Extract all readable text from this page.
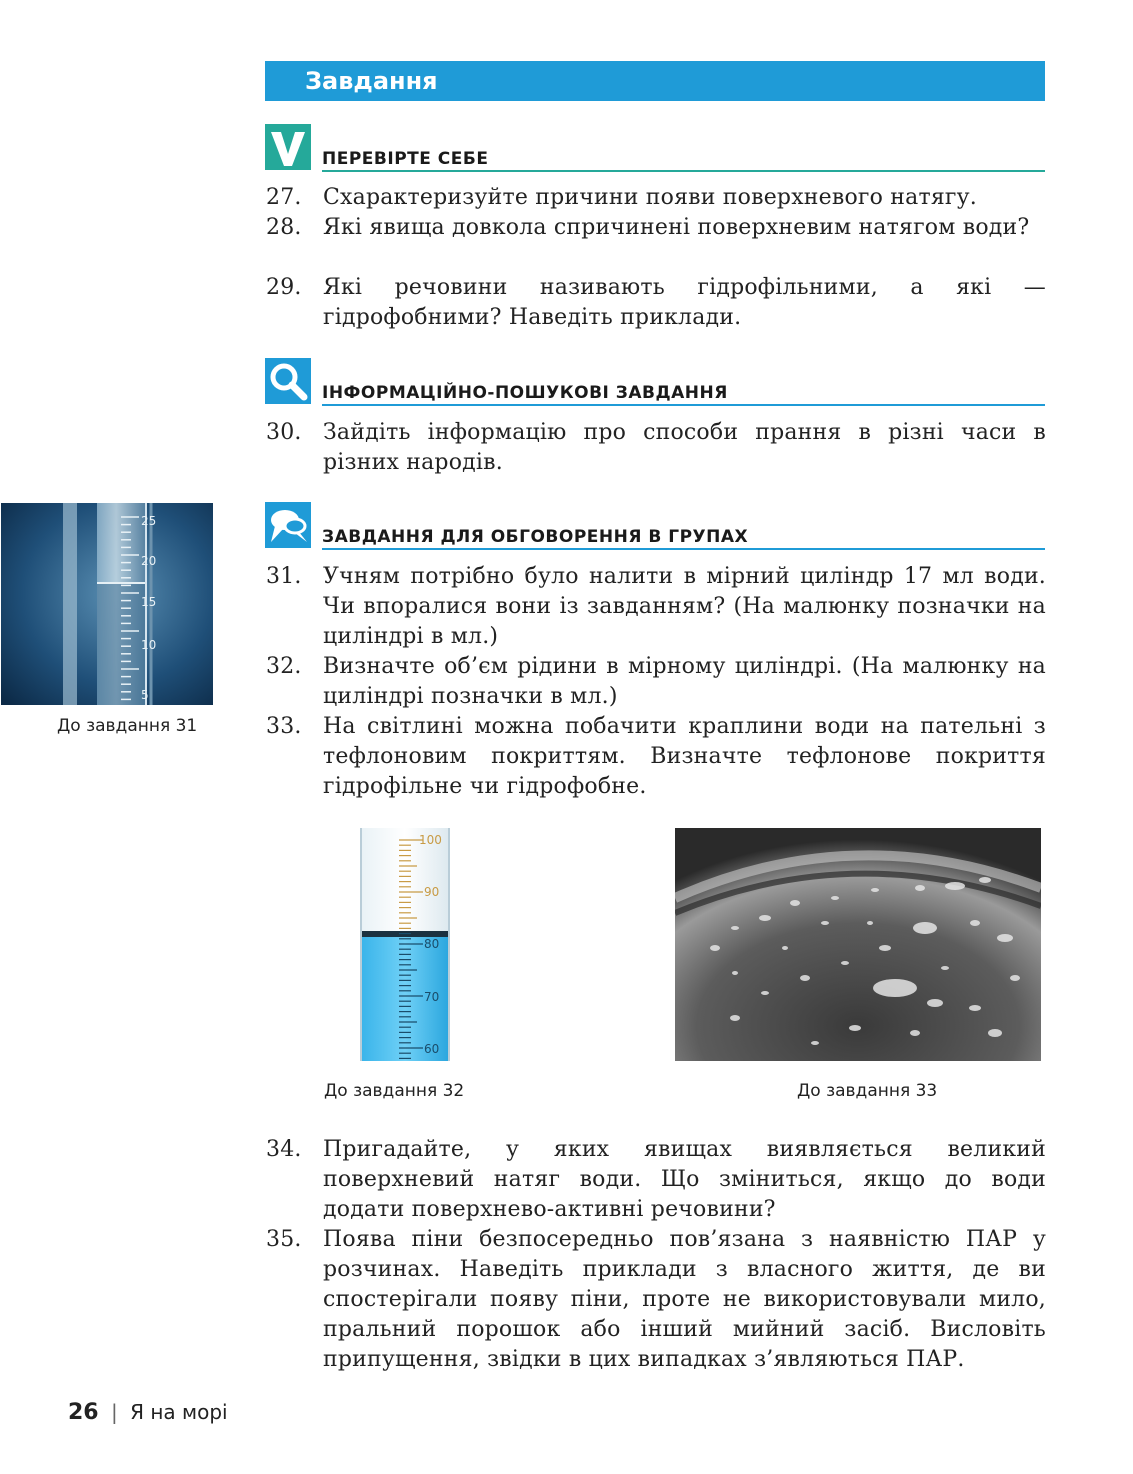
Завдання
ПЕРЕВІРТЕ СЕБЕ
27. Схарактеризуйте причини появи поверхневого натягу.
28. Які явища довкола спричинені поверхневим натягом води?
29. Які речовини називають гідрофільними, а які — гідрофобними? Наведіть приклади.
ІНФОРМАЦІЙНО-ПОШУКОВІ ЗАВДАННЯ
30. Зайдіть інформацію про способи прання в різні часи в різних народів.
ЗАВДАННЯ ДЛЯ ОБГОВОРЕННЯ В ГРУПАХ
31. Учням потрібно було налити в мірний циліндр 17 мл води. Чи впоралися вони із завданням? (На малюнку позначки на циліндрі в мл.)
32. Визначте об’єм рідини в мірному циліндрі. (На малюнку на циліндрі позначки в мл.)
33. На світлині можна побачити краплини води на пательні з тефлоновим покриттям. Визначте тефлонове покриття гідрофільне чи гідрофобне.
25
20
15
10
5
До завдання 31
100
90
80
70
60
До завдання 32	До завдання 33
34. Пригадайте, у яких явищах виявляється великий поверхневий натяг води. Що зміниться, якщо до води додати поверхнево-активні речовини?
35. Поява піни безпосередньо пов’язана з наявністю ПАР у розчинах. Наведіть приклади з власного життя, де ви спостерігали появу піни, проте не використовували мило, пральний порошок або інший мийний засіб. Висловіть припущення, звідки в цих випадках з’являються ПАР.
26 | Я на морі
